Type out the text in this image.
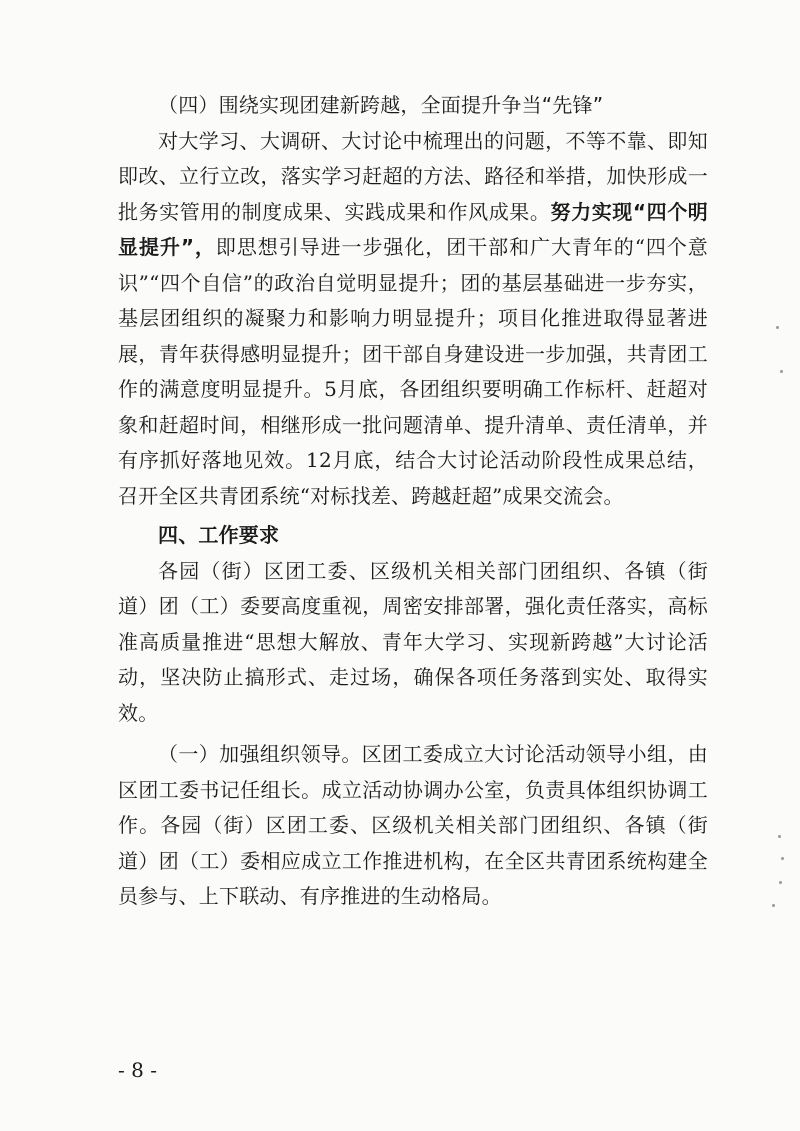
（四）围绕实现团建新跨越，全面提升争当“先锋”

对大学习、大调研、大讨论中梳理出的问题，不等不靠、即知即改、立行立改，落实学习赶超的方法、路径和举措，加快形成一批务实管用的制度成果、实践成果和作风成果。努力实现“四个明显提升”，即思想引导进一步强化，团干部和广大青年的“四个意识”“四个自信”的政治自觉明显提升；团的基层基础进一步夯实，基层团组织的凝聚力和影响力明显提升；项目化推进取得显著进展，青年获得感明显提升；团干部自身建设进一步加强，共青团工作的满意度明显提升。5月底，各团组织要明确工作标杆、赶超对象和赶超时间，相继形成一批问题清单、提升清单、责任清单，并有序抓好落地见效。12月底，结合大讨论活动阶段性成果总结，召开全区共青团系统“对标找差、跨越赶超”成果交流会。

四、工作要求

各园（街）区团工委、区级机关相关部门团组织、各镇（街道）团（工）委要高度重视，周密安排部署，强化责任落实，高标准高质量推进“思想大解放、青年大学习、实现新跨越”大讨论活动，坚决防止搞形式、走过场，确保各项任务落到实处、取得实效。

（一）加强组织领导。区团工委成立大讨论活动领导小组，由区团工委书记任组长。成立活动协调办公室，负责具体组织协调工作。各园（街）区团工委、区级机关相关部门团组织、各镇（街道）团（工）委相应成立工作推进机构，在全区共青团系统构建全员参与、上下联动、有序推进的生动格局。

- 8 -
